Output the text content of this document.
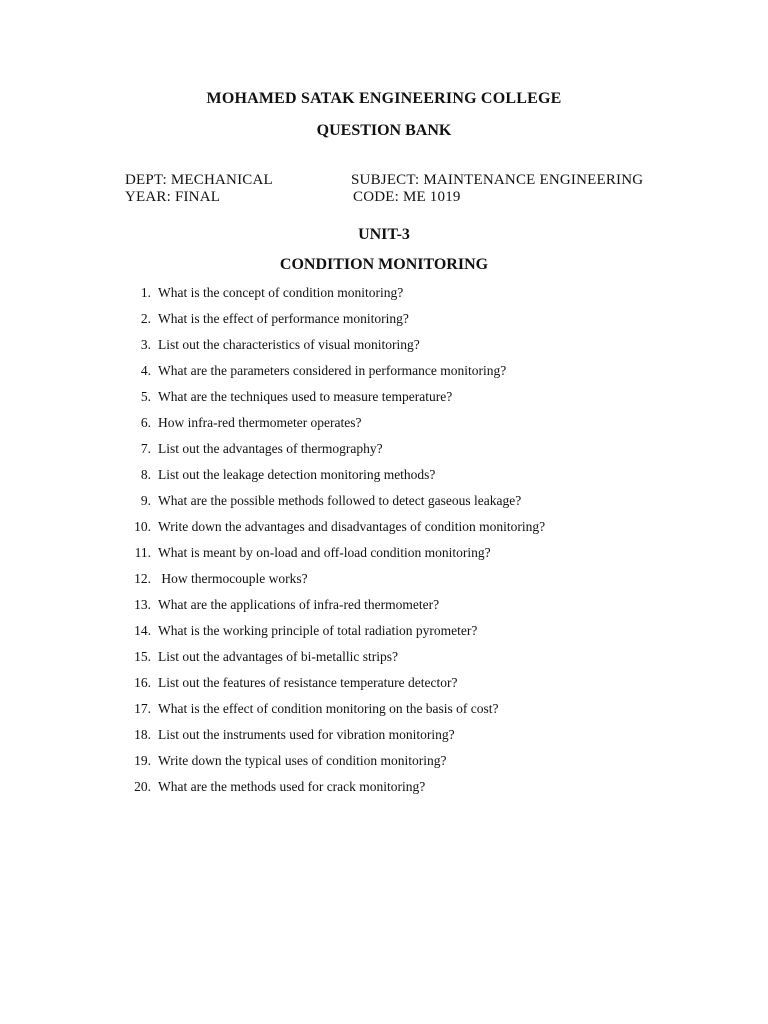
MOHAMED SATAK ENGINEERING COLLEGE
QUESTION BANK
DEPT: MECHANICAL
YEAR: FINAL
SUBJECT: MAINTENANCE ENGINEERING
CODE: ME 1019
UNIT-3
CONDITION MONITORING
1. What is the concept of condition monitoring?
2. What is the effect of performance monitoring?
3. List out the characteristics of visual monitoring?
4. What are the parameters considered in performance monitoring?
5. What are the techniques used to measure temperature?
6. How infra-red thermometer operates?
7. List out the advantages of thermography?
8. List out the leakage detection monitoring methods?
9. What are the possible methods followed to detect gaseous leakage?
10. Write down the advantages and disadvantages of condition monitoring?
11. What is meant by on-load and off-load condition monitoring?
12. How thermocouple works?
13. What are the applications of infra-red thermometer?
14. What is the working principle of total radiation pyrometer?
15. List out the advantages of bi-metallic strips?
16. List out the features of resistance temperature detector?
17. What is the effect of condition monitoring on the basis of cost?
18. List out the instruments used for vibration monitoring?
19. Write down the typical uses of condition monitoring?
20. What are the methods used for crack monitoring?
